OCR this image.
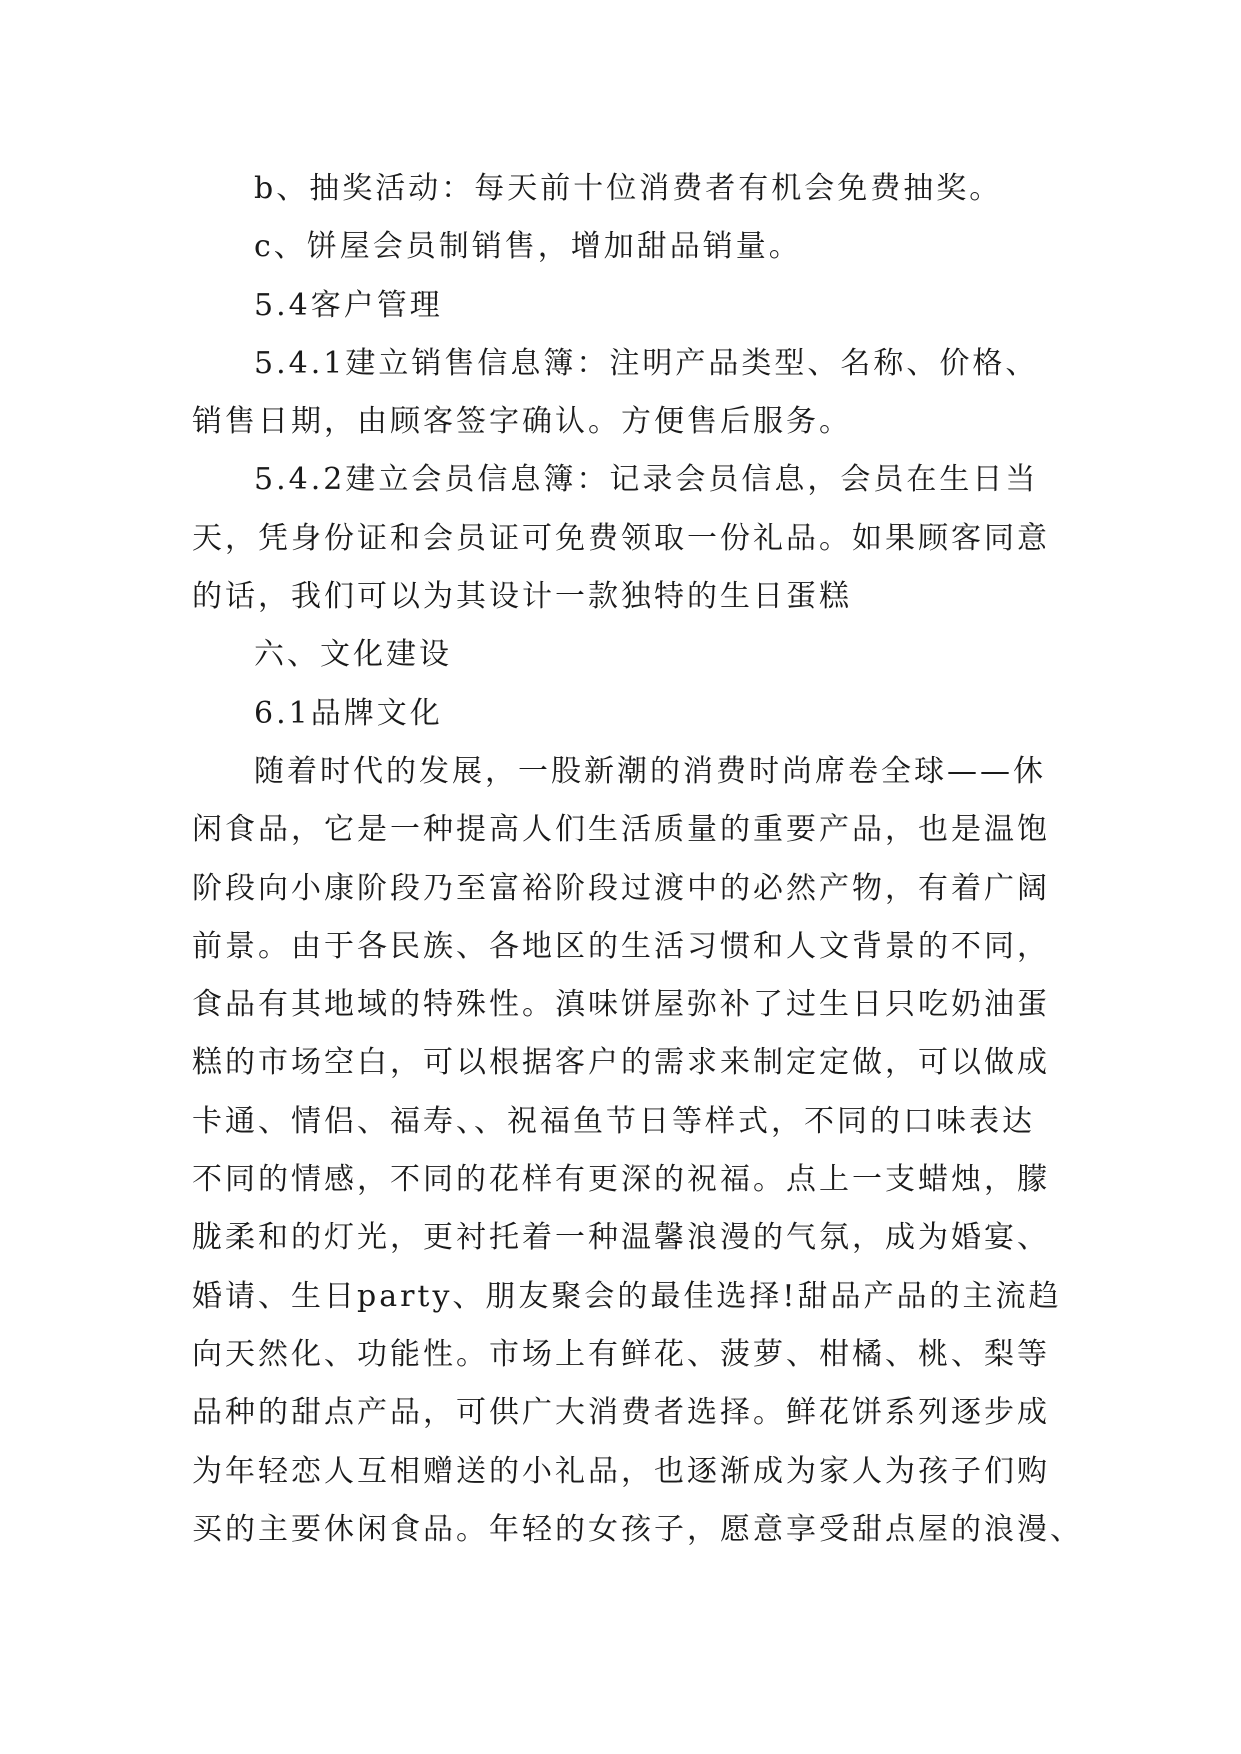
b、抽奖活动：每天前十位消费者有机会免费抽奖。
c、饼屋会员制销售，增加甜品销量。
5.4客户管理
5.4.1建立销售信息簿：注明产品类型、名称、价格、
销售日期，由顾客签字确认。方便售后服务。
5.4.2建立会员信息簿：记录会员信息，会员在生日当
天，凭身份证和会员证可免费领取一份礼品。如果顾客同意
的话，我们可以为其设计一款独特的生日蛋糕
六、文化建设
6.1品牌文化
随着时代的发展，一股新潮的消费时尚席卷全球——休
闲食品，它是一种提高人们生活质量的重要产品，也是温饱
阶段向小康阶段乃至富裕阶段过渡中的必然产物，有着广阔
前景。由于各民族、各地区的生活习惯和人文背景的不同，
食品有其地域的特殊性。滇味饼屋弥补了过生日只吃奶油蛋
糕的市场空白，可以根据客户的需求来制定定做，可以做成
卡通、情侣、福寿、、祝福鱼节日等样式，不同的口味表达
不同的情感，不同的花样有更深的祝福。点上一支蜡烛，朦
胧柔和的灯光，更衬托着一种温馨浪漫的气氛，成为婚宴、
婚请、生日party、朋友聚会的最佳选择!甜品产品的主流趋
向天然化、功能性。市场上有鲜花、菠萝、柑橘、桃、梨等
品种的甜点产品，可供广大消费者选择。鲜花饼系列逐步成
为年轻恋人互相赠送的小礼品，也逐渐成为家人为孩子们购
买的主要休闲食品。年轻的女孩子，愿意享受甜点屋的浪漫、
